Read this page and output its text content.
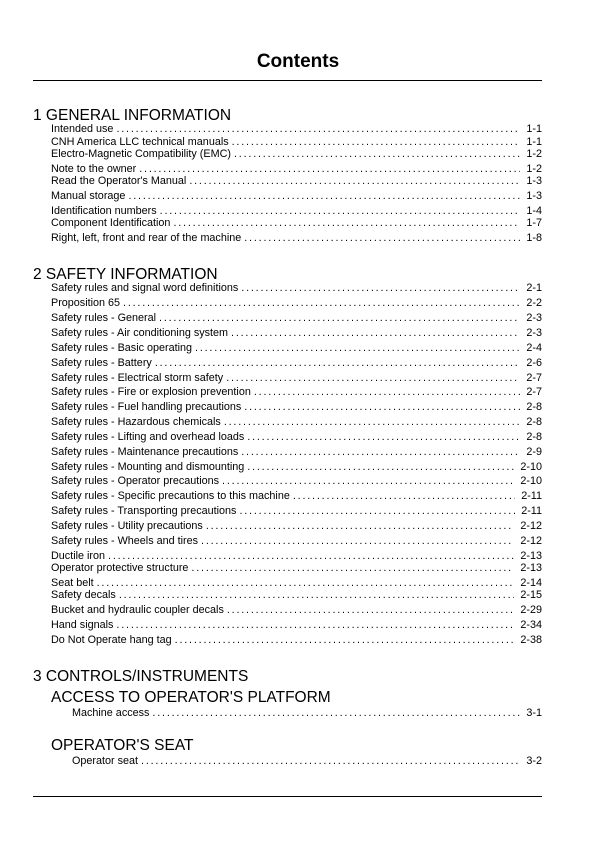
Contents
1 GENERAL INFORMATION
Intended use . . .	1-1
CNH America LLC technical manuals . . .	1-1
Electro-Magnetic Compatibility (EMC) . . .	1-2
Note to the owner . . .	1-2
Read the Operator's Manual . . .	1-3
Manual storage . . .	1-3
Identification numbers . . .	1-4
Component Identification . . .	1-7
Right, left, front and rear of the machine . . .	1-8
2 SAFETY INFORMATION
Safety rules and signal word definitions . . .	2-1
Proposition 65 . . .	2-2
Safety rules - General . . .	2-3
Safety rules - Air conditioning system . . .	2-3
Safety rules - Basic operating . . .	2-4
Safety rules - Battery . . .	2-6
Safety rules - Electrical storm safety . . .	2-7
Safety rules - Fire or explosion prevention . . .	2-7
Safety rules - Fuel handling precautions . . .	2-8
Safety rules - Hazardous chemicals . . .	2-8
Safety rules - Lifting and overhead loads . . .	2-8
Safety rules - Maintenance precautions . . .	2-9
Safety rules - Mounting and dismounting . . .	2-10
Safety rules - Operator precautions . . .	2-10
Safety rules - Specific precautions to this machine . . .	2-11
Safety rules - Transporting precautions . . .	2-11
Safety rules - Utility precautions . . .	2-12
Safety rules - Wheels and tires . . .	2-12
Ductile iron . . .	2-13
Operator protective structure . . .	2-13
Seat belt . . .	2-14
Safety decals . . .	2-15
Bucket and hydraulic coupler decals . . .	2-29
Hand signals . . .	2-34
Do Not Operate hang tag . . .	2-38
3 CONTROLS/INSTRUMENTS
ACCESS TO OPERATOR'S PLATFORM
Machine access . . .	3-1
OPERATOR'S SEAT
Operator seat . . .	3-2
